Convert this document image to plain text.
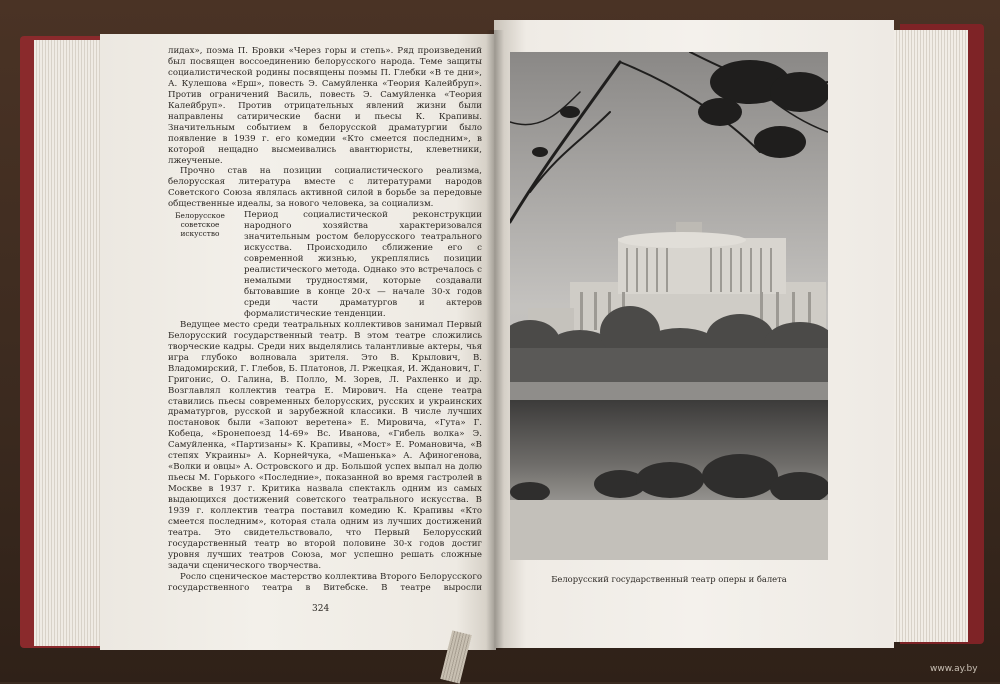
лидах», поэма П. Бровки «Через горы и степь». Ряд произведений был посвящен воссоединению белорусского народа. Теме защиты социалистической родины посвящены поэмы П. Глебки «В те дни», А. Кулешова «Ерш», повесть Э. Самуйленка «Теория Калейбруп». Против ограничений Василь, повесть Э. Самуйленка «Теория Калейбруп». Против отрицательных явлений жизни были направлены сатирические басни и пьесы К. Крапивы. Значительным событием в белорусской драматургии было появление в 1939 г. его комедии «Кто смеется последним», в которой нещадно высмеивались авантюристы, клеветники, лжеученые.

Прочно став на позиции социалистического реализма, белорусская литература вместе с литературами народов Советского Союза являлась активной силой в борьбе за передовые общественные идеалы, за нового человека, за социализм.

Белорусское советское искусство
Период социалистической реконструкции народного хозяйства характеризовался значительным ростом белорусского театрального искусства. Происходило сближение его с современной жизнью, укреплялись позиции реалистического метода. Однако это встречалось с немалыми трудностями, которые создавали бытовавшие в конце 20-х — начале 30-х годов среди части драматургов и актеров формалистические тенденции.

Ведущее место среди театральных коллективов занимал Первый Белорусский государственный театр. В этом театре сложились творческие кадры. Среди них выделялись талантливые актеры, чья игра глубоко волновала зрителя. Это В. Крылович, В. Владомирский, Г. Глебов, Б. Платонов, Л. Ржецкая, И. Жданович, Г. Григонис, О. Галина, В. Полло, М. Зорев, Л. Рахленко и др. Возглавлял коллектив театра Е. Мирович. На сцене театра ставились пьесы современных белорусских, русских и украинских драматургов, русской и зарубежной классики. В числе лучших постановок были «Запоют веретена» Е. Мировича, «Гута» Г. Кобеца, «Бронепоезд 14-69» Вс. Иванова, «Гибель волка» Э. Самуйленка, «Партизаны» К. Крапивы, «Мост» Е. Романовича, «В степях Украины» А. Корнейчука, «Машенька» А. Афиногенова, «Волки и овцы» А. Островского и др. Большой успех выпал на долю пьесы М. Горького «Последние», показанной во время гастролей в Москве в 1937 г. Критика назвала спектакль одним из самых выдающихся достижений советского театрального искусства. В 1939 г. коллектив театра поставил комедию К. Крапивы «Кто смеется последним», которая стала одним из лучших достижений театра. Это свидетельствовало, что Первый Белорусский государственный театр во второй половине 30-х годов достиг уровня лучших театров Союза, мог успешно решать сложные задачи сценического творчества.

Росло сценическое мастерство коллектива Второго Белорусского государственного театра в Витебске. В театре выросли

324
Белорусский государственный театр оперы и балета
www.ay.by
